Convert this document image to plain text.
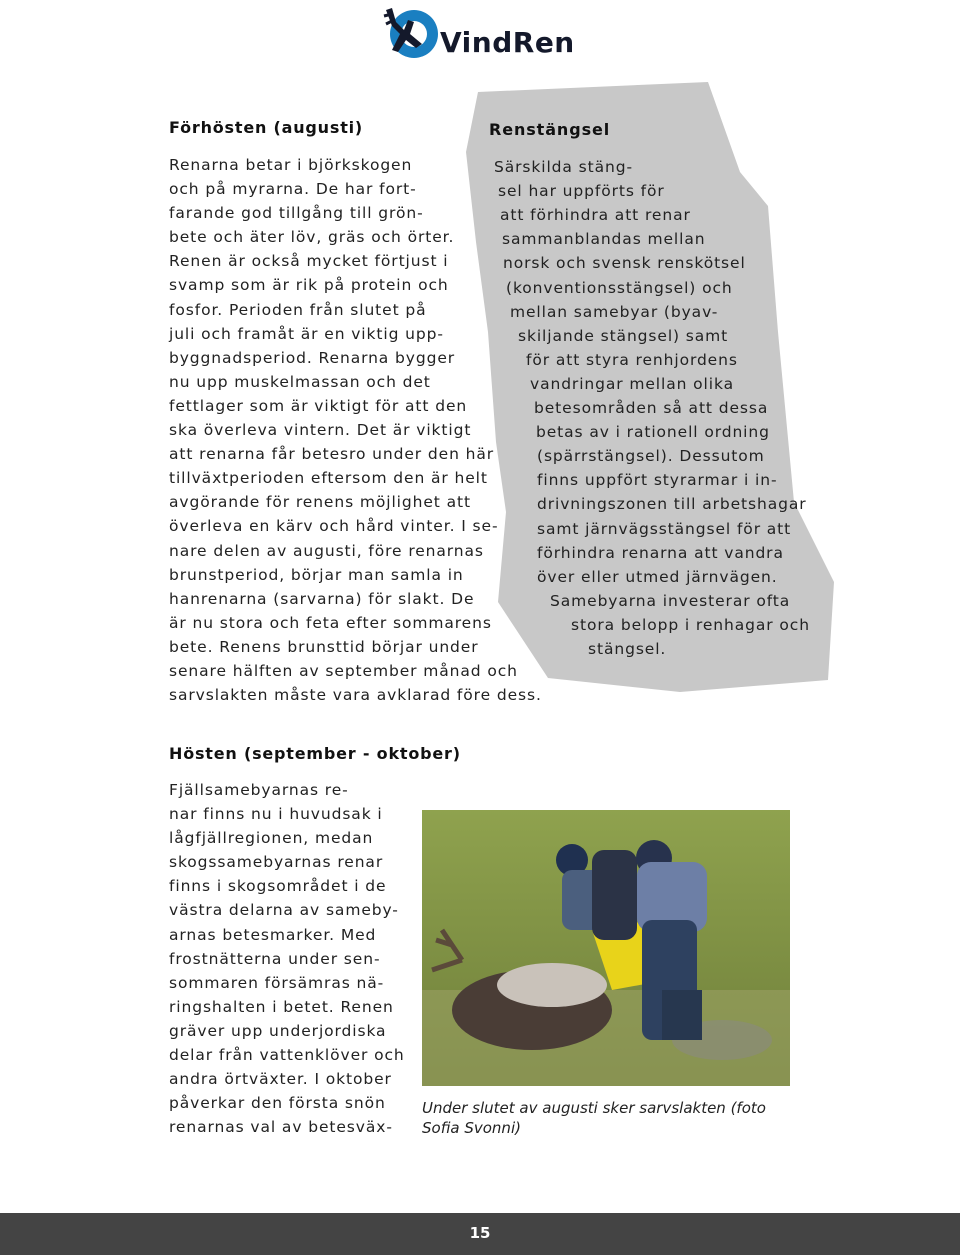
VindRen
Förhösten (augusti)
Renarna betar i björkskogen
och på myrarna. De har fort-
farande god tillgång till grön-
bete och äter löv, gräs och örter.
Renen är också mycket förtjust i
svamp som är rik på protein och
fosfor. Perioden från slutet på
juli och framåt är en viktig upp-
byggnadsperiod. Renarna bygger
nu upp muskelmassan och det
fettlager som är viktigt för att den
ska överleva vintern. Det är viktigt
att renarna får betesro under den här
tillväxtperioden eftersom den är helt
avgörande för renens möjlighet att
överleva en kärv och hård vinter. I se-
nare delen av augusti, före renarnas
brunstperiod, börjar man samla in
hanrenarna (sarvarna) för slakt. De
är nu stora och feta efter sommarens
bete. Renens brunsttid börjar under
senare hälften av september månad och
sarvslakten måste vara avklarad före dess.
Renstängsel
Särskilda stäng-
sel har uppförts för
att förhindra att renar
sammanblandas mellan
norsk och svensk renskötsel
(konventionsstängsel) och
mellan samebyar (byav-
skiljande stängsel) samt
för att styra renhjordens
vandringar mellan olika
betesområden så att dessa
betas av i rationell ordning
(spärrstängsel). Dessutom
finns uppfört styrarmar i in-
drivningszonen till arbetshagar
samt järnvägsstängsel för att
förhindra renarna att vandra
över eller utmed järnvägen.
Samebyarna investerar ofta
stora belopp i renhagar och
stängsel.
Hösten (september - oktober)
Fjällsamebyarnas re-
nar finns nu i huvudsak i
lågfjällregionen, medan
skogssamebyarnas renar
finns i skogsområdet i de
västra delarna av sameby-
arnas betesmarker. Med
frostnätterna under sen-
sommaren försämras nä-
ringshalten i betet. Renen
gräver upp underjordiska
delar från vattenklöver och
andra örtväxter. I oktober
påverkar den första snön
renarnas val av betesväx-
Under slutet av augusti sker sarvslakten (foto Sofia Svonni)
15
